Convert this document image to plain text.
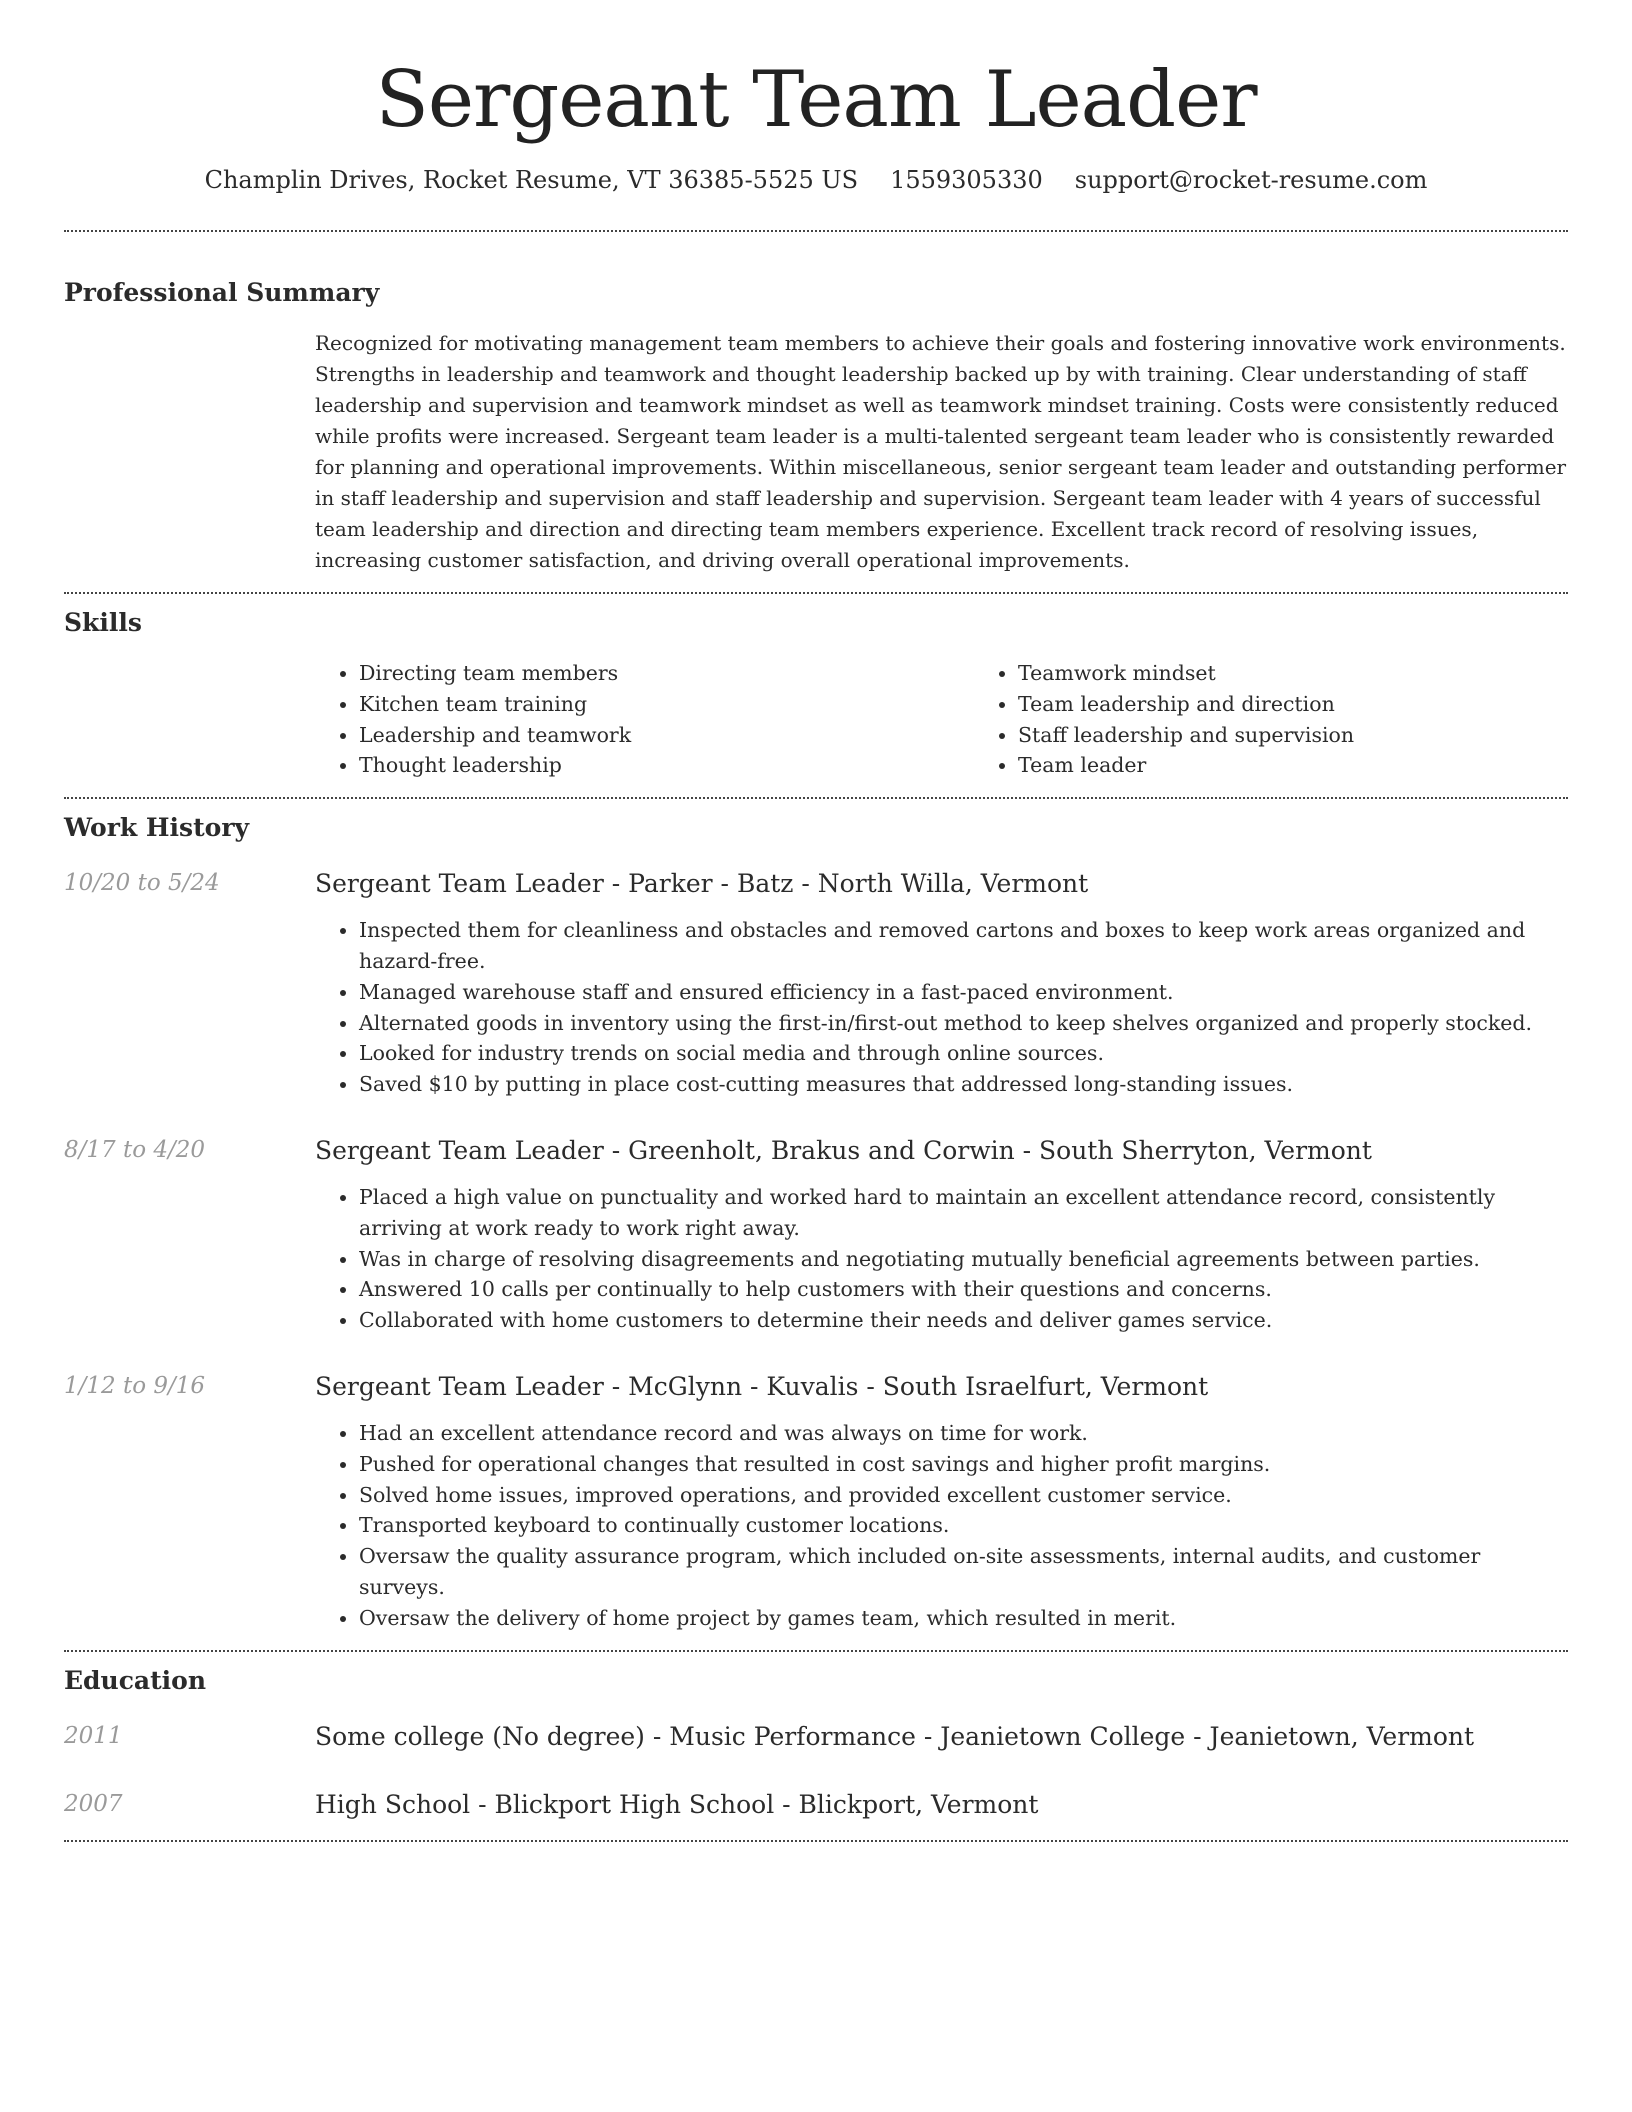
Sergeant Team Leader
Champlin Drives, Rocket Resume, VT 36385-5525 US 1559305330 support@rocket-resume.com
Professional Summary

Recognized for motivating management team members to achieve their goals and fostering innovative work environments. Strengths in leadership and teamwork and thought leadership backed up by with training. Clear understanding of staff leadership and supervision and teamwork mindset as well as teamwork mindset training. Costs were consistently reduced while profits were increased. Sergeant team leader is a multi-talented sergeant team leader who is consistently rewarded for planning and operational improvements. Within miscellaneous, senior sergeant team leader and outstanding performer in staff leadership and supervision and staff leadership and supervision. Sergeant team leader with 4 years of successful team leadership and direction and directing team members experience. Excellent track record of resolving issues, increasing customer satisfaction, and driving overall operational improvements.

Skills
• Directing team members
• Kitchen team training
• Leadership and teamwork
• Thought leadership
• Teamwork mindset
• Team leadership and direction
• Staff leadership and supervision
• Team leader
Work History
10/20 to 5/24	Sergeant Team Leader - Parker - Batz - North Willa, Vermont
• Inspected them for cleanliness and obstacles and removed cartons and boxes to keep work areas organized and hazard-free.
• Managed warehouse staff and ensured efficiency in a fast-paced environment.
• Alternated goods in inventory using the first-in/first-out method to keep shelves organized and properly stocked.
• Looked for industry trends on social media and through online sources.
• Saved $10 by putting in place cost-cutting measures that addressed long-standing issues.
8/17 to 4/20	Sergeant Team Leader - Greenholt, Brakus and Corwin - South Sherryton, Vermont
• Placed a high value on punctuality and worked hard to maintain an excellent attendance record, consistently arriving at work ready to work right away.
• Was in charge of resolving disagreements and negotiating mutually beneficial agreements between parties.
• Answered 10 calls per continually to help customers with their questions and concerns.
• Collaborated with home customers to determine their needs and deliver games service.
1/12 to 9/16	Sergeant Team Leader - McGlynn - Kuvalis - South Israelfurt, Vermont
• Had an excellent attendance record and was always on time for work.
• Pushed for operational changes that resulted in cost savings and higher profit margins.
• Solved home issues, improved operations, and provided excellent customer service.
• Transported keyboard to continually customer locations.
• Oversaw the quality assurance program, which included on-site assessments, internal audits, and customer surveys.
• Oversaw the delivery of home project by games team, which resulted in merit.
Education
2011	Some college (No degree) - Music Performance - Jeanietown College - Jeanietown, Vermont
2007	High School - Blickport High School - Blickport, Vermont
